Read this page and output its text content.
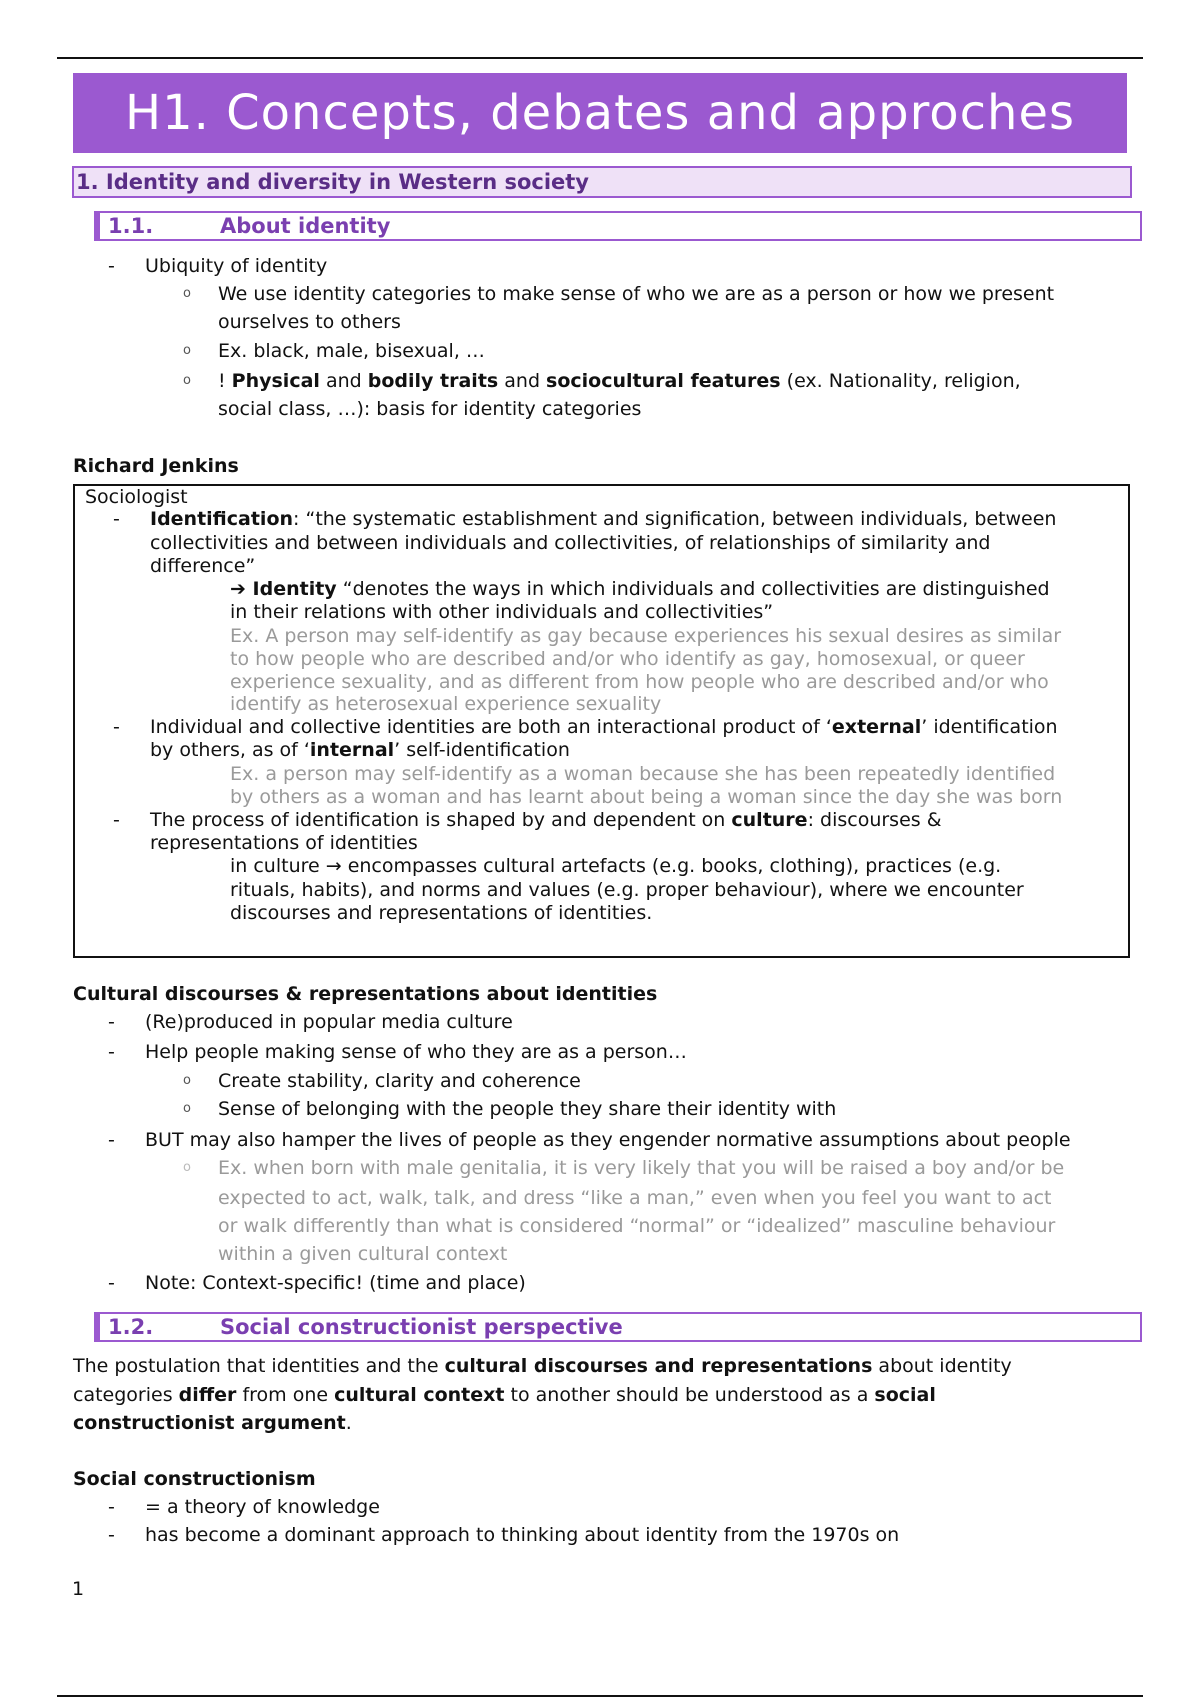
H1. Concepts, debates and approches
1. Identity and diversity in Western society
1.1.	About identity
- Ubiquity of identity
o We use identity categories to make sense of who we are as a person or how we present
ourselves to others
o Ex. black, male, bisexual, …
o ! Physical and bodily traits and sociocultural features (ex. Nationality, religion,
social class, …): basis for identity categories
Richard Jenkins
Sociologist
- Identification: “the systematic establishment and signification, between individuals, between
collectivities and between individuals and collectivities, of relationships of similarity and
difference”
➔ Identity “denotes the ways in which individuals and collectivities are distinguished
in their relations with other individuals and collectivities”
Ex. A person may self-identify as gay because experiences his sexual desires as similar
to how people who are described and/or who identify as gay, homosexual, or queer
experience sexuality, and as different from how people who are described and/or who
identify as heterosexual experience sexuality
- Individual and collective identities are both an interactional product of ‘external’ identification
by others, as of ‘internal’ self-identification
Ex. a person may self-identify as a woman because she has been repeatedly identified
by others as a woman and has learnt about being a woman since the day she was born
- The process of identification is shaped by and dependent on culture: discourses &
representations of identities
in culture → encompasses cultural artefacts (e.g. books, clothing), practices (e.g.
rituals, habits), and norms and values (e.g. proper behaviour), where we encounter
discourses and representations of identities.
Cultural discourses & representations about identities
- (Re)produced in popular media culture
- Help people making sense of who they are as a person…
o Create stability, clarity and coherence
o Sense of belonging with the people they share their identity with
- BUT may also hamper the lives of people as they engender normative assumptions about people
o Ex. when born with male genitalia, it is very likely that you will be raised a boy and/or be
expected to act, walk, talk, and dress “like a man,” even when you feel you want to act
or walk differently than what is considered “normal” or “idealized” masculine behaviour
within a given cultural context
- Note: Context-specific! (time and place)
1.2.	Social constructionist perspective
The postulation that identities and the cultural discourses and representations about identity
categories differ from one cultural context to another should be understood as a social
constructionist argument.
Social constructionism
- = a theory of knowledge
- has become a dominant approach to thinking about identity from the 1970s on
1
